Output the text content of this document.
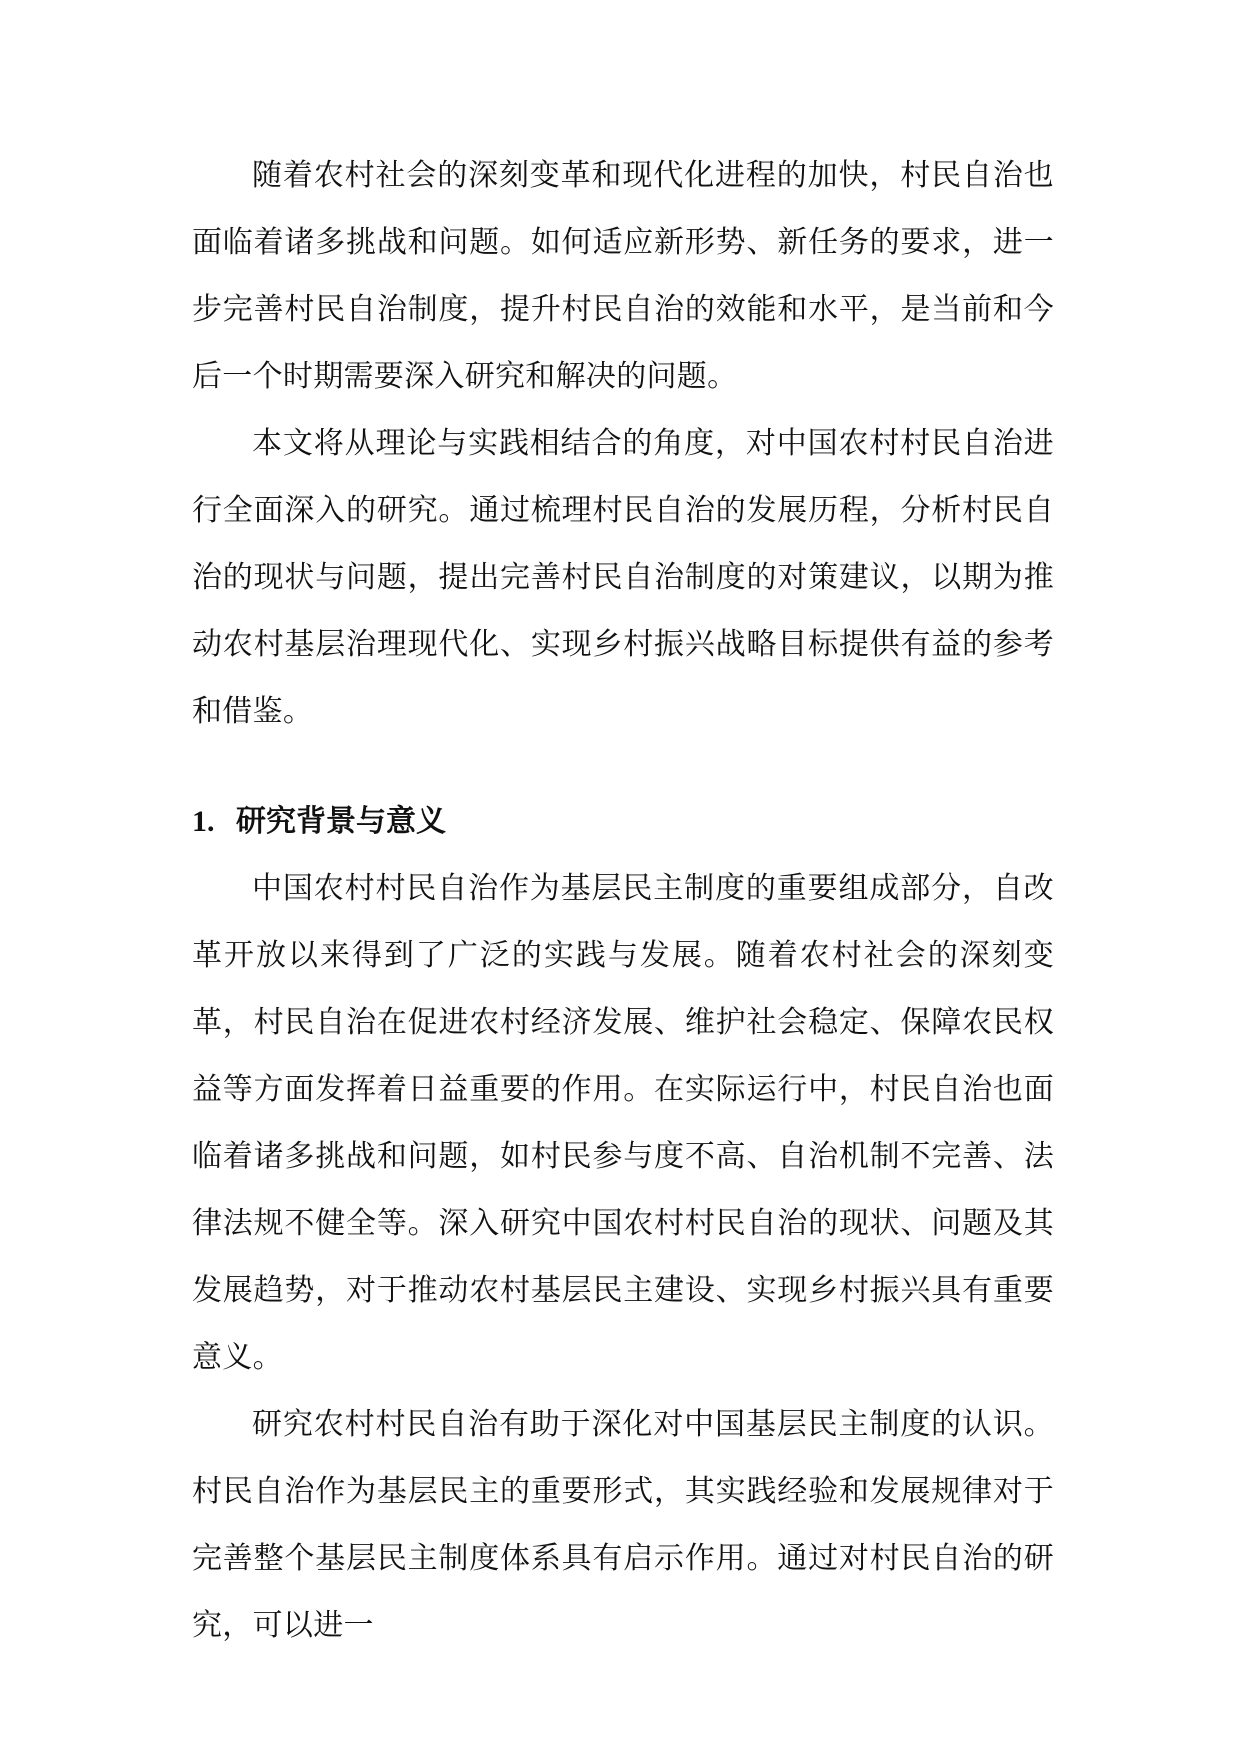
随着农村社会的深刻变革和现代化进程的加快，村民自治也面临着诸多挑战和问题。如何适应新形势、新任务的要求，进一步完善村民自治制度，提升村民自治的效能和水平，是当前和今后一个时期需要深入研究和解决的问题。

本文将从理论与实践相结合的角度，对中国农村村民自治进行全面深入的研究。通过梳理村民自治的发展历程，分析村民自治的现状与问题，提出完善村民自治制度的对策建议，以期为推动农村基层治理现代化、实现乡村振兴战略目标提供有益的参考和借鉴。

1. 研究背景与意义

中国农村村民自治作为基层民主制度的重要组成部分，自改革开放以来得到了广泛的实践与发展。随着农村社会的深刻变革，村民自治在促进农村经济发展、维护社会稳定、保障农民权益等方面发挥着日益重要的作用。在实际运行中，村民自治也面临着诸多挑战和问题，如村民参与度不高、自治机制不完善、法律法规不健全等。深入研究中国农村村民自治的现状、问题及其发展趋势，对于推动农村基层民主建设、实现乡村振兴具有重要意义。

研究农村村民自治有助于深化对中国基层民主制度的认识。村民自治作为基层民主的重要形式，其实践经验和发展规律对于完善整个基层民主制度体系具有启示作用。通过对村民自治的研究，可以进一
